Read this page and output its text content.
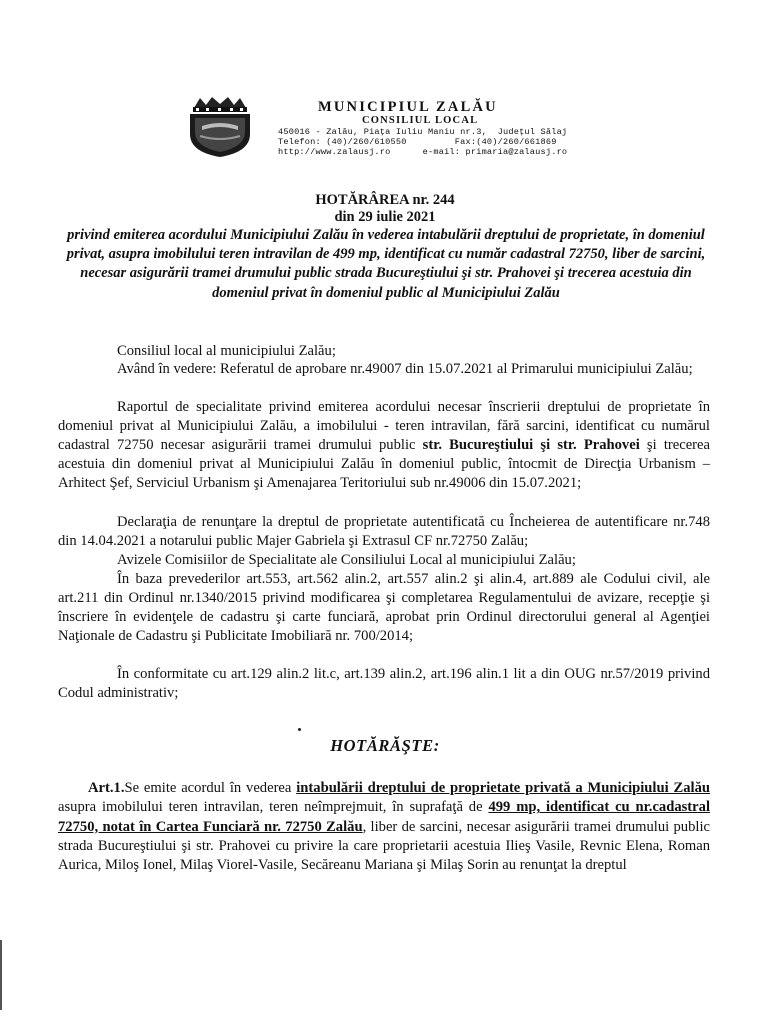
MUNICIPIUL ZALĂU
CONSILIUL LOCAL
450016 - Zalău, Piaţa Iuliu Maniu nr.3,  Judeţul Sălaj
Telefon: (40)/260/610550         Fax:(40)/260/661869
http://www.zalausj.ro      e-mail: primaria@zalausj.ro
HOTĂRÂREA nr. 244
din 29 iulie 2021
privind emiterea acordului Municipiului Zalău în vederea intabulării dreptului de proprietate, în domeniul privat, asupra imobilului teren intravilan de 499 mp, identificat cu număr cadastral 72750, liber de sarcini, necesar asigurării tramei drumului public strada Bucureştiului şi str. Prahovei şi trecerea acestuia din domeniul privat în domeniul public al Municipiului Zalău
Consiliul local al municipiului Zalău;
Având în vedere: Referatul de aprobare nr.49007 din 15.07.2021 al Primarului municipiului Zalău;
Raportul de specialitate privind emiterea acordului necesar înscrierii dreptului de proprietate în domeniul privat al Municipiului Zalău, a imobilului - teren intravilan, fără sarcini, identificat cu numărul cadastral 72750 necesar asigurării tramei drumului public str. Bucureştiului şi str. Prahovei şi trecerea acestuia din domeniul privat al Municipiului Zalău în domeniul public, întocmit de Direcţia Urbanism – Arhitect Şef, Serviciul Urbanism şi Amenajarea Teritoriului sub nr.49006 din 15.07.2021;
Declaraţia de renunţare la dreptul de proprietate autentificată cu Încheierea de autentificare nr.748 din 14.04.2021 a notarului public Majer Gabriela şi Extrasul CF nr.72750 Zalău;
Avizele Comisiilor de Specialitate ale Consiliului Local al municipiului Zalău;
În baza prevederilor art.553, art.562 alin.2, art.557 alin.2 şi alin.4, art.889 ale Codului civil, ale art.211 din Ordinul nr.1340/2015 privind modificarea şi completarea Regulamentului de avizare, recepţie şi înscriere în evidenţele de cadastru şi carte funciară, aprobat prin Ordinul directorului general al Agenţiei Naţionale de Cadastru şi Publicitate Imobiliară nr. 700/2014;
În conformitate cu art.129 alin.2 lit.c, art.139 alin.2, art.196 alin.1 lit a din OUG nr.57/2019 privind Codul administrativ;
HOTĂRĂŞTE:
Art.1.Se emite acordul în vederea intabulării dreptului de proprietate privată a Municipiului Zalău asupra imobilului teren intravilan, teren neîmprejmuit, în suprafaţă de 499 mp, identificat cu nr.cadastral 72750, notat în Cartea Funciară nr. 72750 Zalău, liber de sarcini, necesar asigurării tramei drumului public strada Bucureştiului şi str. Prahovei cu privire la care proprietarii acestuia Ilieş Vasile, Revnic Elena, Roman Aurica, Miloş Ionel, Milaş Viorel-Vasile, Secăreanu Mariana şi Milaş Sorin au renunţat la dreptul
